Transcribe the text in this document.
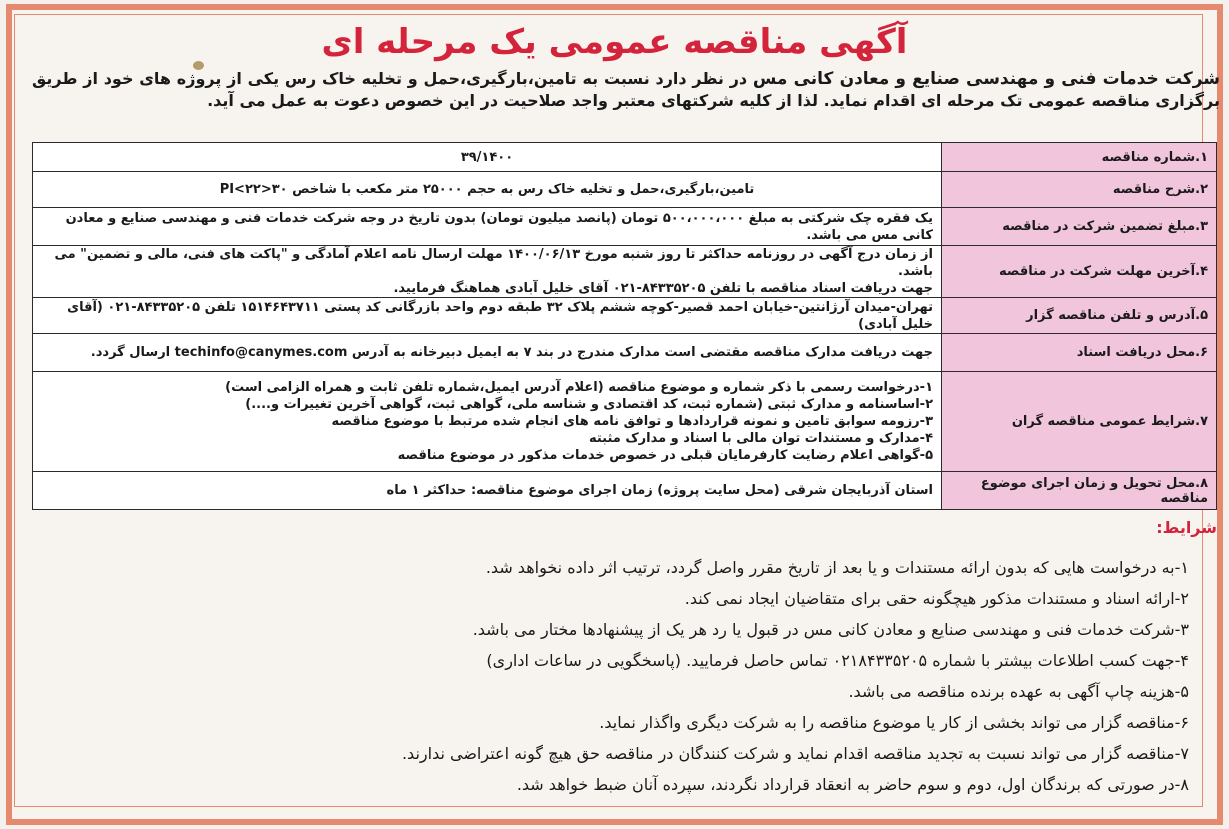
آگهی مناقصه عمومی یک مرحله ای
شرکت خدمات فنی و مهندسی صنایع و معادن کانی مس در نظر دارد نسبت به تامین،بارگیری،حمل و تخلیه خاک رس یکی از پروژه های خود از طریق برگزاری مناقصه عمومی تک مرحله ای اقدام نماید. لذا از کلیه شرکتهای معتبر واجد صلاحیت در این خصوص دعوت به عمل می آید.
۱.شماره مناقصه	۳۹/۱۴۰۰

۲.شرح مناقصه	تامین،بارگیری،حمل و تخلیه خاک رس به حجم ۲۵۰۰۰ متر مکعب با شاخص ۳۰<PI<۲۲

۳.مبلغ تضمین شرکت در مناقصه	یک فقره چک شرکتی به مبلغ ۵۰۰،۰۰۰،۰۰۰ تومان (پانصد میلیون تومان) بدون تاریخ در وجه شرکت خدمات فنی و مهندسی صنایع و معادن کانی مس می باشد.

۴.آخرین مهلت شرکت در مناقصه	از زمان درج آگهی در روزنامه حداکثر تا روز شنبه مورخ ۱۴۰۰/۰۶/۱۳ مهلت ارسال نامه اعلام آمادگی و "پاکت های فنی، مالی و تضمین" می باشد.
جهت دریافت اسناد مناقصه با تلفن ۸۴۳۳۵۲۰۵-۰۲۱ آقای خلیل آبادی هماهنگ فرمایید.

۵.آدرس و تلفن مناقصه گزار	تهران-میدان آرژانتین-خیابان احمد قصیر-کوچه ششم پلاک ۳۲ طبقه دوم واحد بازرگانی کد پستی ۱۵۱۴۶۴۳۷۱۱ تلفن ۸۴۳۳۵۲۰۵-۰۲۱ (آقای خلیل آبادی)

۶.محل دریافت اسناد	جهت دریافت مدارک مناقصه مقتضی است مدارک مندرج در بند ۷ به ایمیل دبیرخانه به آدرس techinfo@canymes.com ارسال گردد.

۷.شرایط عمومی مناقصه گران	۱-درخواست رسمی با ذکر شماره و موضوع مناقصه (اعلام آدرس ایمیل،شماره تلفن ثابت و همراه الزامی است)
۲-اساسنامه و مدارک ثبتی (شماره ثبت، کد اقتصادی و شناسه ملی، گواهی ثبت، گواهی آخرین تغییرات و....)
۳-رزومه سوابق تامین و نمونه قراردادها و توافق نامه های انجام شده مرتبط با موضوع مناقصه
۴-مدارک و مستندات توان مالی با اسناد و مدارک مثبته
۵-گواهی اعلام رضایت کارفرمایان قبلی در خصوص خدمات مذکور در موضوع مناقصه

۸.محل تحویل و زمان اجرای موضوع مناقصه	استان آذربایجان شرقی (محل سایت پروژه) زمان اجرای موضوع مناقصه: حداکثر ۱ ماه
شرایط:
۱-به درخواست هایی که بدون ارائه مستندات و یا بعد از تاریخ مقرر واصل گردد، ترتیب اثر داده نخواهد شد.
۲-ارائه اسناد و مستندات مذکور هیچگونه حقی برای متقاضیان ایجاد نمی کند.
۳-شرکت خدمات فنی و مهندسی صنایع و معادن کانی مس در قبول یا رد هر یک از پیشنهادها مختار می باشد.
۴-جهت کسب اطلاعات بیشتر با شماره ۰۲۱۸۴۳۳۵۲۰۵ تماس حاصل فرمایید. (پاسخگویی در ساعات اداری)
۵-هزینه چاپ آگهی به عهده برنده مناقصه می باشد.
۶-مناقصه گزار می تواند بخشی از کار یا موضوع مناقصه را به شرکت دیگری واگذار نماید.
۷-مناقصه گزار می تواند نسبت به تجدید مناقصه اقدام نماید و شرکت کنندگان در مناقصه حق هیچ گونه اعتراضی ندارند.
۸-در صورتی که برندگان اول، دوم و سوم حاضر به انعقاد قرارداد نگردند، سپرده آنان ضبط خواهد شد.
